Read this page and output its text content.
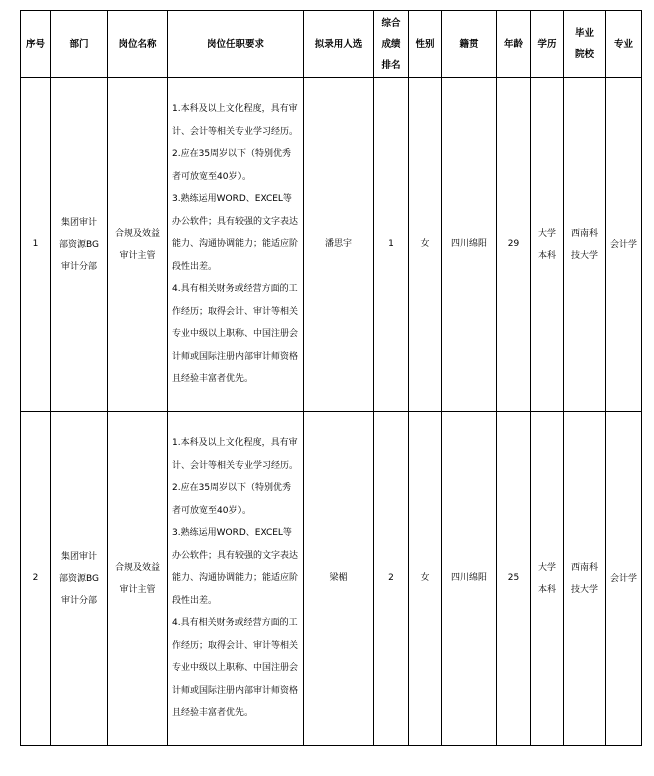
序号	部门	岗位名称	岗位任职要求	拟录用人选	综合成绩排名	性别	籍贯	年龄	学历	毕业院校	专业
1	集团审计部资源BG审计分部	合规及效益审计主管	1.本科及以上文化程度，具有审计、会计等相关专业学习经历。
2.应在35周岁以下（特别优秀者可放宽至40岁）。
3.熟练运用WORD、EXCEL等办公软件；具有较强的文字表达能力、沟通协调能力；能适应阶段性出差。
4.具有相关财务或经营方面的工作经历；取得会计、审计等相关专业中级以上职称、中国注册会计师或国际注册内部审计师资格且经验丰富者优先。	潘思宇	1	女	四川绵阳	29	大学本科	西南科技大学	会计学
2	集团审计部资源BG审计分部	合规及效益审计主管	1.本科及以上文化程度，具有审计、会计等相关专业学习经历。
2.应在35周岁以下（特别优秀者可放宽至40岁）。
3.熟练运用WORD、EXCEL等办公软件；具有较强的文字表达能力、沟通协调能力；能适应阶段性出差。
4.具有相关财务或经营方面的工作经历；取得会计、审计等相关专业中级以上职称、中国注册会计师或国际注册内部审计师资格且经验丰富者优先。	梁楣	2	女	四川绵阳	25	大学本科	西南科技大学	会计学
